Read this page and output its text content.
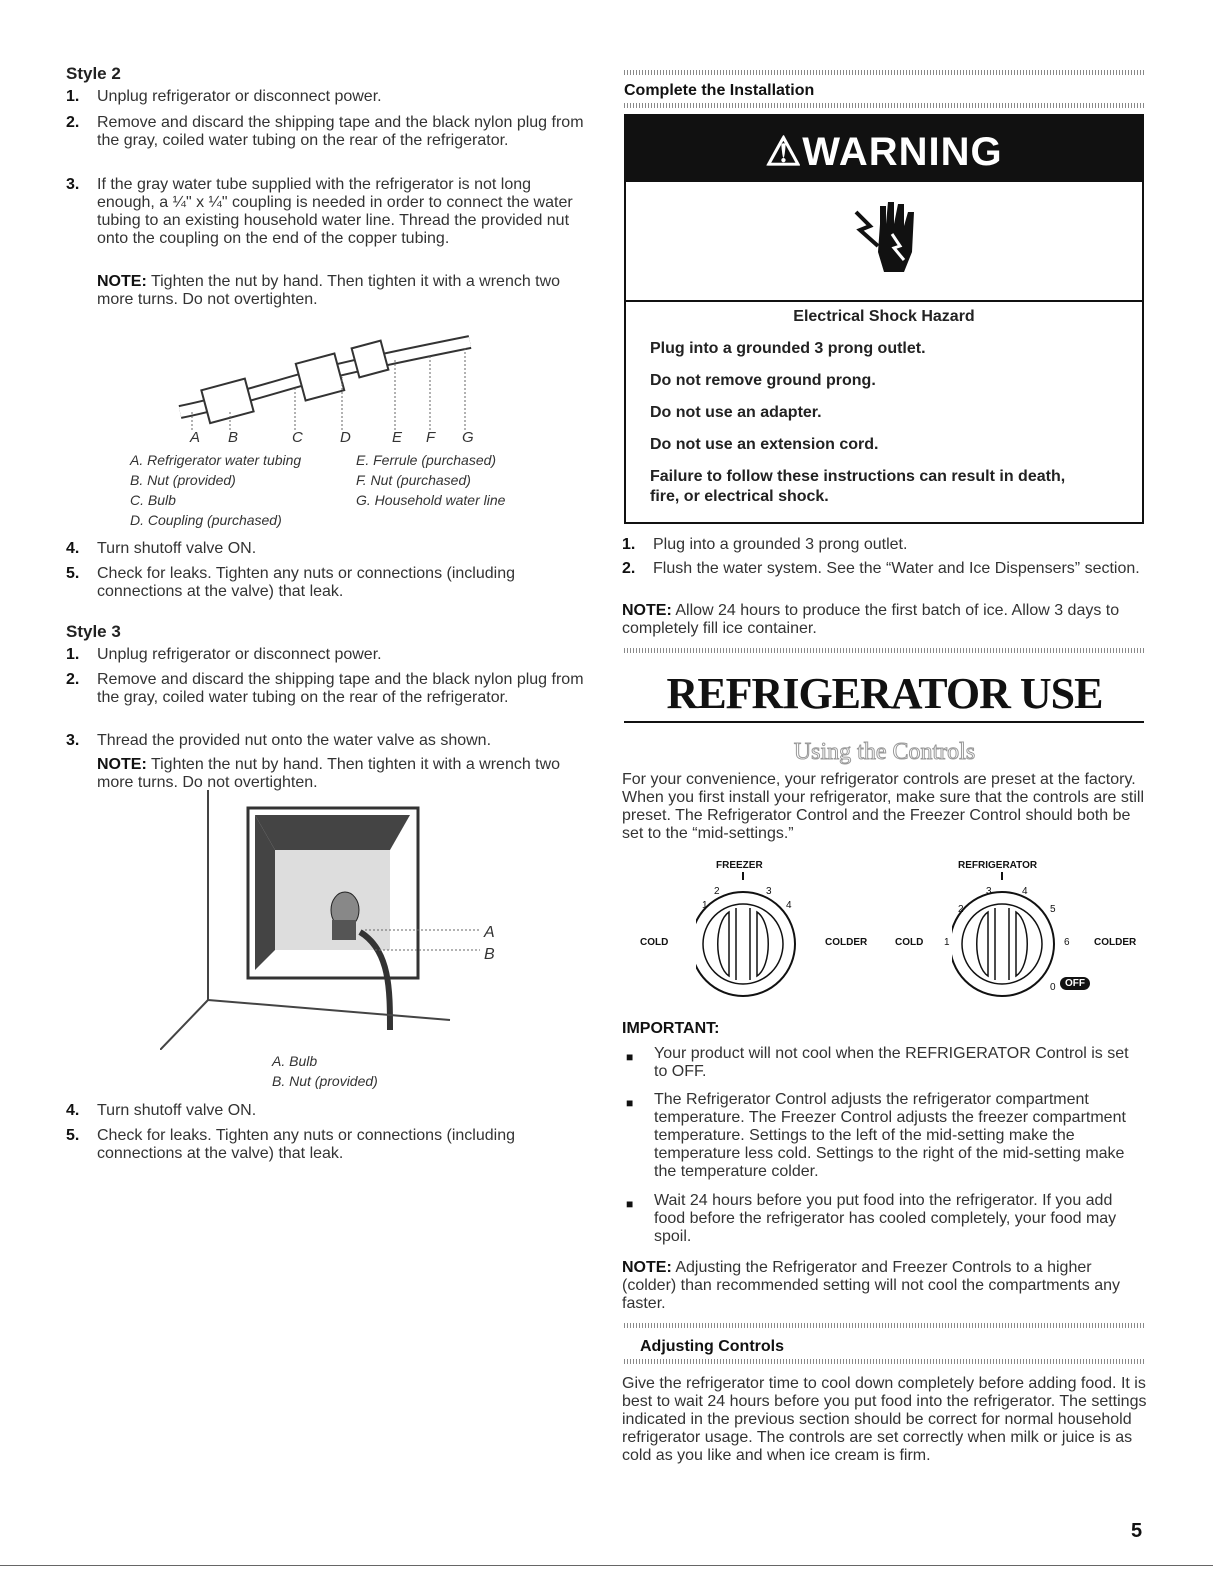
Style 2
1. Unplug refrigerator or disconnect power.
2. Remove and discard the shipping tape and the black nylon plug from the gray, coiled water tubing on the rear of the refrigerator.
3. If the gray water tube supplied with the refrigerator is not long enough, a ¼" x ¼" coupling is needed in order to connect the water tubing to an existing household water line. Thread the provided nut onto the coupling on the end of the copper tubing.
NOTE: Tighten the nut by hand. Then tighten it with a wrench two more turns. Do not overtighten.
A B	C D	E F G
A. Refrigerator water tubing
B. Nut (provided)
C. Bulb
D. Coupling (purchased)
E. Ferrule (purchased)
F. Nut (purchased)
G. Household water line
4. Turn shutoff valve ON.
5. Check for leaks. Tighten any nuts or connections (including connections at the valve) that leak.
Style 3
1. Unplug refrigerator or disconnect power.
2. Remove and discard the shipping tape and the black nylon plug from the gray, coiled water tubing on the rear of the refrigerator.
3. Thread the provided nut onto the water valve as shown.
NOTE: Tighten the nut by hand. Then tighten it with a wrench two more turns. Do not overtighten.
A
B
A. Bulb
B. Nut (provided)
4. Turn shutoff valve ON.
5. Check for leaks. Tighten any nuts or connections (including connections at the valve) that leak.
Complete the Installation
⚠WARNING
Electrical Shock Hazard
Plug into a grounded 3 prong outlet.
Do not remove ground prong.
Do not use an adapter.
Do not use an extension cord.
Failure to follow these instructions can result in death,
fire, or electrical shock.
1. Plug into a grounded 3 prong outlet.
2. Flush the water system. See the “Water and Ice Dispensers” section.
NOTE: Allow 24 hours to produce the first batch of ice. Allow 3 days to completely fill ice container.
REFRIGERATOR USE
Using the Controls
For your convenience, your refrigerator controls are preset at the factory. When you first install your refrigerator, make sure that the controls are still preset. The Refrigerator Control and the Freezer Control should both be set to the “mid-settings.”
FREEZER
COLD	COLDER
1
2	3
4
REFRIGERATOR
COLD	COLDER
1
2
3	4
5
6
0 OFF
IMPORTANT:
■ Your product will not cool when the REFRIGERATOR Control is set to OFF.
■ The Refrigerator Control adjusts the refrigerator compartment temperature. The Freezer Control adjusts the freezer compartment temperature. Settings to the left of the mid-setting make the temperature less cold. Settings to the right of the mid-setting make the temperature colder.
■ Wait 24 hours before you put food into the refrigerator. If you add food before the refrigerator has cooled completely, your food may spoil.
NOTE: Adjusting the Refrigerator and Freezer Controls to a higher (colder) than recommended setting will not cool the compartments any faster.
Adjusting Controls
Give the refrigerator time to cool down completely before adding food. It is best to wait 24 hours before you put food into the refrigerator. The settings indicated in the previous section should be correct for normal household refrigerator usage. The controls are set correctly when milk or juice is as cold as you like and when ice cream is firm.
5
